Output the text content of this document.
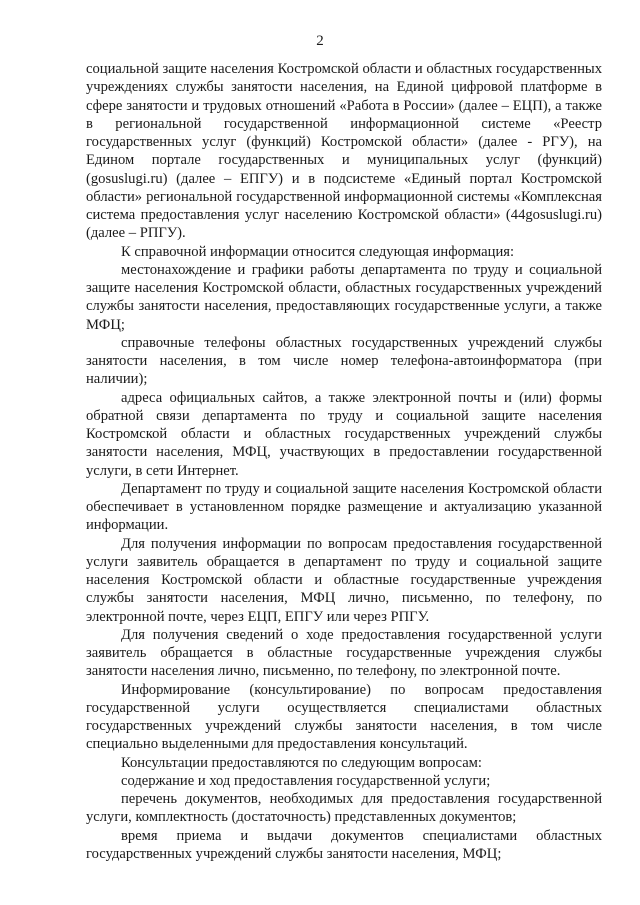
2

социальной защите населения Костромской области и областных государственных учреждениях службы занятости населения, на Единой цифровой платформе в сфере занятости и трудовых отношений «Работа в России» (далее – ЕЦП), а также в региональной государственной информационной системе «Реестр государственных услуг (функций) Костромской области» (далее - РГУ), на Едином портале государственных и муниципальных услуг (функций) (gosuslugi.ru) (далее – ЕПГУ) и в подсистеме «Единый портал Костромской области» региональной государственной информационной системы «Комплексная система предоставления услуг населению Костромской области» (44gosuslugi.ru) (далее – РПГУ).

К справочной информации относится следующая информация:

местонахождение и графики работы департамента по труду и социальной защите населения Костромской области, областных государственных учреждений службы занятости населения, предоставляющих государственные услуги, а также МФЦ;

справочные телефоны областных государственных учреждений службы занятости населения, в том числе номер телефона-автоинформатора (при наличии);

адреса официальных сайтов, а также электронной почты и (или) формы обратной связи департамента по труду и социальной защите населения Костромской области и областных государственных учреждений службы занятости населения, МФЦ, участвующих в предоставлении государственной услуги, в сети Интернет.

Департамент по труду и социальной защите населения Костромской области обеспечивает в установленном порядке размещение и актуализацию указанной информации.

Для получения информации по вопросам предоставления государственной услуги заявитель обращается в департамент по труду и социальной защите населения Костромской области и областные государственные учреждения службы занятости населения, МФЦ лично, письменно, по телефону, по электронной почте, через ЕЦП, ЕПГУ или через РПГУ.

Для получения сведений о ходе предоставления государственной услуги заявитель обращается в областные государственные учреждения службы занятости населения лично, письменно, по телефону, по электронной почте.

Информирование (консультирование) по вопросам предоставления государственной услуги осуществляется специалистами областных государственных учреждений службы занятости населения, в том числе специально выделенными для предоставления консультаций.

Консультации предоставляются по следующим вопросам:

содержание и ход предоставления государственной услуги;

перечень документов, необходимых для предоставления государственной услуги, комплектность (достаточность) представленных документов;

время приема и выдачи документов специалистами областных государственных учреждений службы занятости населения, МФЦ;
